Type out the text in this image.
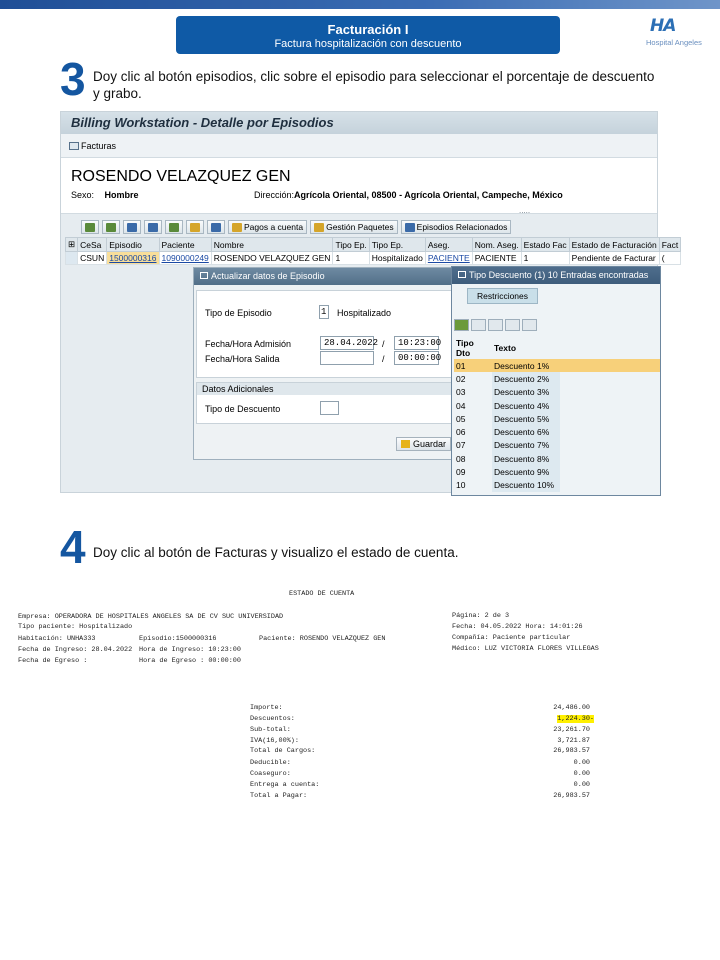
Facturación I
Factura hospitalización con descuento
HA
Hospital Angeles
3 Doy clic al botón episodios, clic sobre el episodio para seleccionar el porcentaje de descuento y grabo.
Billing Workstation - Detalle por Episodios
Facturas
ROSENDO VELAZQUEZ GEN
Sexo: Hombre	Dirección:Agrícola Oriental, 08500 - Agrícola Oriental, Campeche, México
.....
Pagos a cuenta	Gestión Paquetes	Episodios Relacionados
⊞	CeSa	Episodio	Paciente	Nombre	Tipo Ep.	Tipo Ep.	Aseg.	Nom. Aseg.	Estado Fac	Estado de Facturación	Fact
	CSUN	1500000316	1090000249	ROSENDO VELAZQUEZ GEN	1	Hospitalizado	PACIENTE	PACIENTE	1	Pendiente de Facturar	(
Actualizar datos de Episodio
Tipo de Episodio	1 Hospitalizado
Fecha/Hora Admisión	28.04.2022 /	10:23:00
Fecha/Hora Salida	/	00:00:00
Datos Adicionales
Tipo de Descuento
Guardar
Tipo Descuento (1) 10 Entradas encontradas
Restricciones
Tipo Dto	Texto	
01	Descuento 1%	
02	Descuento 2%	
03	Descuento 3%	
04	Descuento 4%	
05	Descuento 5%	
06	Descuento 6%	
07	Descuento 7%	
08	Descuento 8%	
09	Descuento 9%	
10	Descuento 10%	
4 Doy clic al botón de Facturas y visualizo el estado de cuenta.
ESTADO DE CUENTA
Empresa: OPERADORA DE HOSPITALES ANGELES SA DE CV SUC UNIVERSIDAD
Tipo paciente: Hospitalizado
Habitación: UNHA333	Episodio:1500000316	Paciente: ROSENDO VELAZQUEZ GEN
Fecha de Ingreso: 28.04.2022 Hora de Ingreso: 10:23:00
Fecha de Egreso :	Hora de Egreso : 00:00:00
Página: 2 de 3
Fecha: 04.05.2022 Hora: 14:01:26
Compañía: Paciente particular
Médico: LUZ VICTORIA FLORES VILLEGAS
Importe:	24,486.00
Descuentos:	1,224.30-
Sub-total:	23,261.70
IVA(16,00%):	3,721.87
Total de Cargos:	26,983.57
Deducible:	0.00
Coaseguro:	0.00
Entrega a cuenta:	0.00
Total a Pagar:	26,983.57
